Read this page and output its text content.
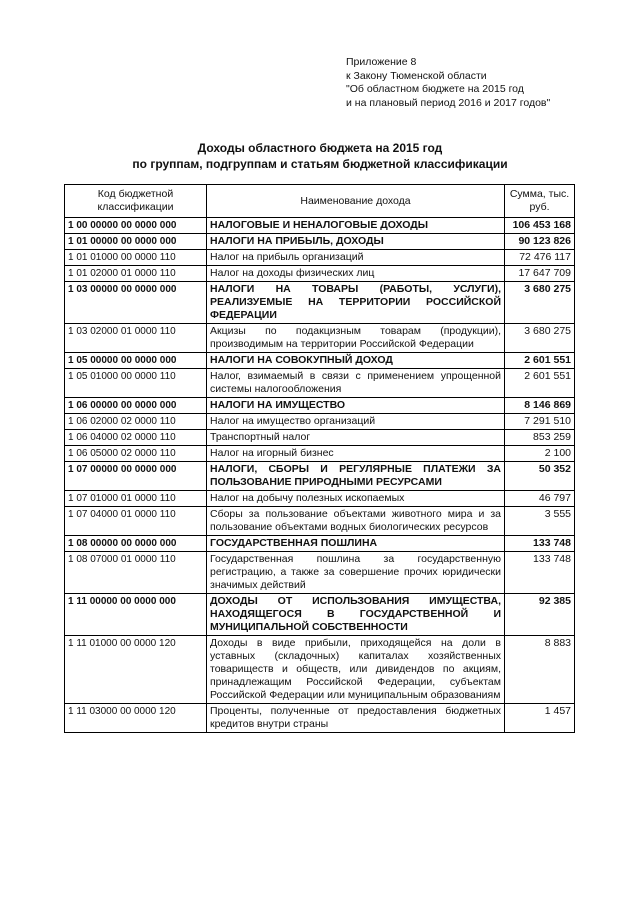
Приложение 8
к Закону Тюменской области
"Об областном бюджете на 2015 год
и на плановый период 2016 и 2017 годов"
Доходы областного бюджета на 2015 год
по группам, подгруппам и статьям бюджетной классификации
Код бюджетной классификации	Наименование дохода	Сумма, тыс. руб.
1 00 00000 00 0000 000	НАЛОГОВЫЕ И НЕНАЛОГОВЫЕ ДОХОДЫ	106 453 168
1 01 00000 00 0000 000	НАЛОГИ НА ПРИБЫЛЬ, ДОХОДЫ	90 123 826
1 01 01000 00 0000 110	Налог на прибыль организаций	72 476 117
1 01 02000 01 0000 110	Налог на доходы физических лиц	17 647 709
1 03 00000 00 0000 000	НАЛОГИ НА ТОВАРЫ (РАБОТЫ, УСЛУГИ), РЕАЛИЗУЕМЫЕ НА ТЕРРИТОРИИ РОССИЙСКОЙ ФЕДЕРАЦИИ	3 680 275
1 03 02000 01 0000 110	Акцизы по подакцизным товарам (продукции), производимым на территории Российской Федерации	3 680 275
1 05 00000 00 0000 000	НАЛОГИ НА СОВОКУПНЫЙ ДОХОД	2 601 551
1 05 01000 00 0000 110	Налог, взимаемый в связи с применением упрощенной системы налогообложения	2 601 551
1 06 00000 00 0000 000	НАЛОГИ НА ИМУЩЕСТВО	8 146 869
1 06 02000 02 0000 110	Налог на имущество организаций	7 291 510
1 06 04000 02 0000 110	Транспортный налог	853 259
1 06 05000 02 0000 110	Налог на игорный бизнес	2 100
1 07 00000 00 0000 000	НАЛОГИ, СБОРЫ И РЕГУЛЯРНЫЕ ПЛАТЕЖИ ЗА ПОЛЬЗОВАНИЕ ПРИРОДНЫМИ РЕСУРСАМИ	50 352
1 07 01000 01 0000 110	Налог на добычу полезных ископаемых	46 797
1 07 04000 01 0000 110	Сборы за пользование объектами животного мира и за пользование объектами водных биологических ресурсов	3 555
1 08 00000 00 0000 000	ГОСУДАРСТВЕННАЯ ПОШЛИНА	133 748
1 08 07000 01 0000 110	Государственная пошлина за государственную регистрацию, а также за совершение прочих юридически значимых действий	133 748
1 11 00000 00 0000 000	ДОХОДЫ ОТ ИСПОЛЬЗОВАНИЯ ИМУЩЕСТВА, НАХОДЯЩЕГОСЯ В ГОСУДАРСТВЕННОЙ И МУНИЦИПАЛЬНОЙ СОБСТВЕННОСТИ	92 385
1 11 01000 00 0000 120	Доходы в виде прибыли, приходящейся на доли в уставных (складочных) капиталах хозяйственных товариществ и обществ, или дивидендов по акциям, принадлежащим Российской Федерации, субъектам Российской Федерации или муниципальным образованиям	8 883
1 11 03000 00 0000 120	Проценты, полученные от предоставления бюджетных кредитов внутри страны	1 457
